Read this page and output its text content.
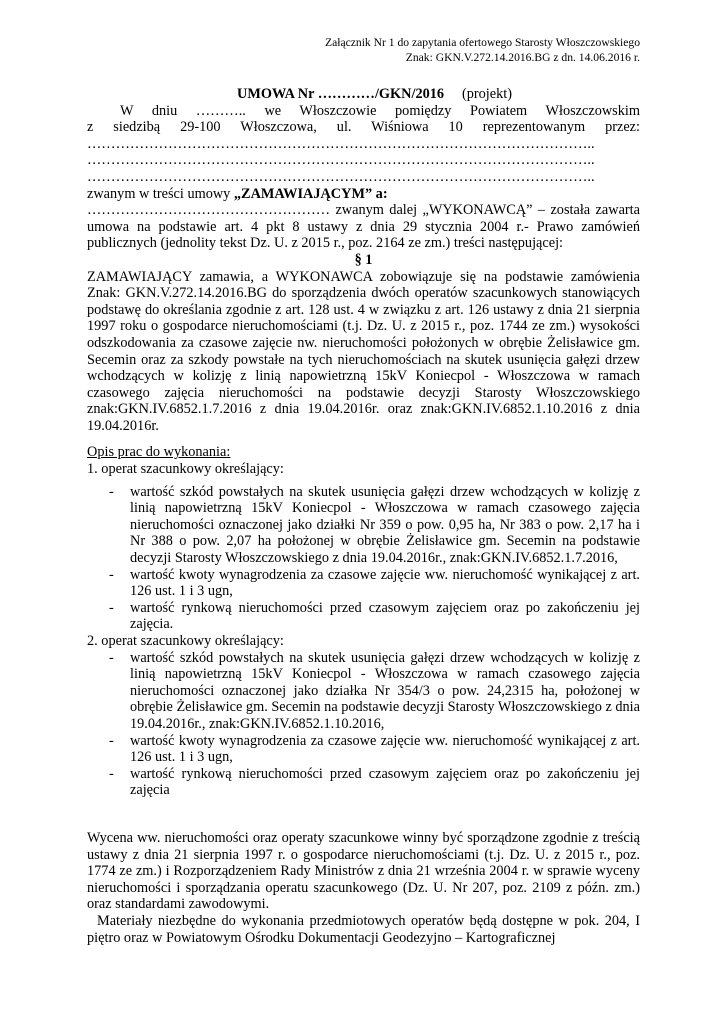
Załącznik Nr 1 do zapytania ofertowego Starosty Włoszczowskiego
Znak: GKN.V.272.14.2016.BG z dn. 14.06.2016 r.
UMOWA Nr …………/GKN/2016 (projekt)
W dniu ……….. we Włoszczowie pomiędzy Powiatem Włoszczowskim
z siedzibą 29-100 Włoszczowa, ul. Wiśniowa 10 reprezentowanym przez:
……………………………………………………………………………………………..
……………………………………………………………………………………………..
……………………………………………………………………………………………..
zwanym w treści umowy „ZAMAWIAJĄCYM” a:
…………………………………………… zwanym dalej „WYKONAWCĄ” – została zawarta umowa na podstawie art. 4 pkt 8 ustawy z dnia 29 stycznia 2004 r.- Prawo zamówień publicznych (jednolity tekst Dz. U. z 2015 r., poz. 2164 ze zm.) treści następującej:
§ 1
ZAMAWIAJĄCY zamawia, a WYKONAWCA zobowiązuje się na podstawie zamówienia Znak: GKN.V.272.14.2016.BG do sporządzenia dwóch operatów szacunkowych stanowiących podstawę do określania zgodnie z art. 128 ust. 4 w związku z art. 126 ustawy z dnia 21 sierpnia 1997 roku o gospodarce nieruchomościami (t.j. Dz. U. z 2015 r., poz. 1744 ze zm.) wysokości odszkodowania za czasowe zajęcie nw. nieruchomości położonych w obrębie Żelisławice gm. Secemin oraz za szkody powstałe na tych nieruchomościach na skutek usunięcia gałęzi drzew wchodzących w kolizję z linią napowietrzną 15kV Koniecpol - Włoszczowa w ramach czasowego zajęcia nieruchomości na podstawie decyzji Starosty Włoszczowskiego znak:GKN.IV.6852.1.7.2016 z dnia 19.04.2016r. oraz znak:GKN.IV.6852.1.10.2016 z dnia 19.04.2016r.
Opis prac do wykonania:
1. operat szacunkowy określający:
- wartość szkód powstałych na skutek usunięcia gałęzi drzew wchodzących w kolizję z linią napowietrzną 15kV Koniecpol - Włoszczowa w ramach czasowego zajęcia nieruchomości oznaczonej jako działki Nr 359 o pow. 0,95 ha, Nr 383 o pow. 2,17 ha i Nr 388 o pow. 2,07 ha położonej w obrębie Żelisławice gm. Secemin na podstawie decyzji Starosty Włoszczowskiego z dnia 19.04.2016r., znak:GKN.IV.6852.1.7.2016,
- wartość kwoty wynagrodzenia za czasowe zajęcie ww. nieruchomość wynikającej z art. 126 ust. 1 i 3 ugn,
- wartość rynkową nieruchomości przed czasowym zajęciem oraz po zakończeniu jej zajęcia.
2. operat szacunkowy określający:
- wartość szkód powstałych na skutek usunięcia gałęzi drzew wchodzących w kolizję z linią napowietrzną 15kV Koniecpol - Włoszczowa w ramach czasowego zajęcia nieruchomości oznaczonej jako działka Nr 354/3 o pow. 24,2315 ha, położonej w obrębie Żelisławice gm. Secemin na podstawie decyzji Starosty Włoszczowskiego z dnia 19.04.2016r., znak:GKN.IV.6852.1.10.2016,
- wartość kwoty wynagrodzenia za czasowe zajęcie ww. nieruchomość wynikającej z art. 126 ust. 1 i 3 ugn,
- wartość rynkową nieruchomości przed czasowym zajęciem oraz po zakończeniu jej zajęcia
Wycena ww. nieruchomości oraz operaty szacunkowe winny być sporządzone zgodnie z treścią ustawy z dnia 21 sierpnia 1997 r. o gospodarce nieruchomościami (t.j. Dz. U. z 2015 r., poz. 1774 ze zm.) i Rozporządzeniem Rady Ministrów z dnia 21 września 2004 r. w sprawie wyceny nieruchomości i sporządzania operatu szacunkowego (Dz. U. Nr 207, poz. 2109 z późn. zm.) oraz standardami zawodowymi.
Materiały niezbędne do wykonania przedmiotowych operatów będą dostępne w pok. 204, I piętro oraz w Powiatowym Ośrodku Dokumentacji Geodezyjno – Kartograficznej
